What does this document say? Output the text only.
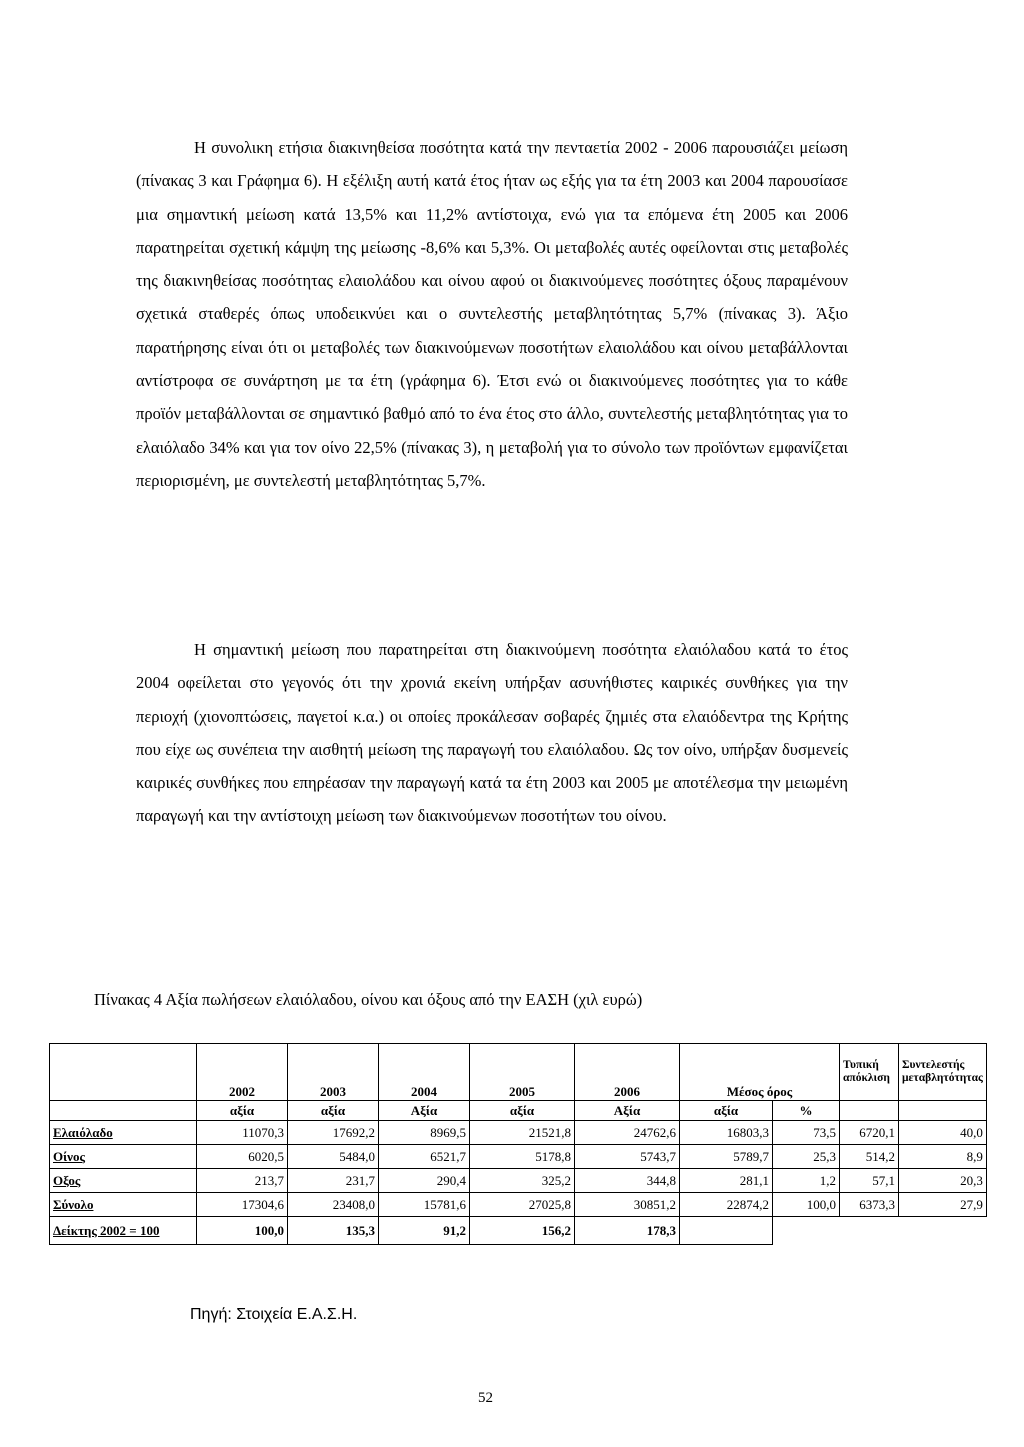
Η συνολικη ετήσια διακινηθείσα ποσότητα κατά την πενταετία 2002 - 2006 παρουσιάζει μείωση (πίνακας 3 και Γράφημα 6). Η εξέλιξη αυτή κατά έτος ήταν ως εξής για τα έτη 2003 και 2004 παρουσίασε μια σημαντική μείωση κατά 13,5% και 11,2% αντίστοιχα, ενώ για τα επόμενα έτη 2005 και 2006 παρατηρείται σχετική κάμψη της μείωσης -8,6% και 5,3%. Οι μεταβολές αυτές οφείλονται στις μεταβολές της διακινηθείσας ποσότητας ελαιολάδου και οίνου αφού οι διακινούμενες ποσότητες όξους παραμένουν σχετικά σταθερές όπως υποδεικνύει και ο συντελεστής μεταβλητότητας 5,7% (πίνακας 3). Άξιο παρατήρησης είναι ότι οι μεταβολές των διακινούμενων ποσοτήτων ελαιολάδου και οίνου μεταβάλλονται αντίστροφα σε συνάρτηση με τα έτη (γράφημα 6). Έτσι ενώ οι διακινούμενες ποσότητες για το κάθε προϊόν μεταβάλλονται σε σημαντικό βαθμό από το ένα έτος στο άλλο, συντελεστής μεταβλητότητας για το ελαιόλαδο 34% και για τον οίνο 22,5% (πίνακας 3), η μεταβολή για το σύνολο των προϊόντων εμφανίζεται περιορισμένη, με συντελεστή μεταβλητότητας 5,7%.

Η σημαντική μείωση που παρατηρείται στη διακινούμενη ποσότητα ελαιόλαδου κατά το έτος 2004 οφείλεται στο γεγονός ότι την χρονιά εκείνη υπήρξαν ασυνήθιστες καιρικές συνθήκες για την περιοχή (χιονοπτώσεις, παγετοί κ.α.) οι οποίες προκάλεσαν σοβαρές ζημιές στα ελαιόδεντρα της Κρήτης που είχε ως συνέπεια την αισθητή μείωση της παραγωγή του ελαιόλαδου. Ως τον οίνο, υπήρξαν δυσμενείς καιρικές συνθήκες που επηρέασαν την παραγωγή κατά τα έτη 2003 και 2005 με αποτέλεσμα την μειωμένη παραγωγή και την αντίστοιχη μείωση των διακινούμενων ποσοτήτων του οίνου.

Πίνακας 4 Αξία πωλήσεων ελαιόλαδου, οίνου και όξους από την ΕΑΣΗ (χιλ ευρώ)

	2002	2003	2004	2005	2006	Μέσος όρος		Τυπική απόκλιση	Συντελεστής μεταβλητότητας
	αξία	αξία	Αξία	αξία	Αξία	αξία	%		
Ελαιόλαδο	11070,3	17692,2	8969,5	21521,8	24762,6	16803,3	73,5	6720,1	40,0
Οίνος	6020,5	5484,0	6521,7	5178,8	5743,7	5789,7	25,3	514,2	8,9
Οξος	213,7	231,7	290,4	325,2	344,8	281,1	1,2	57,1	20,3
Σύνολο	17304,6	23408,0	15781,6	27025,8	30851,2	22874,2	100,0	6373,3	27,9
Δείκτης 2002 = 100	100,0	135,3	91,2	156,2	178,3				

Πηγή: Στοιχεία Ε.Α.Σ.Η.

52
